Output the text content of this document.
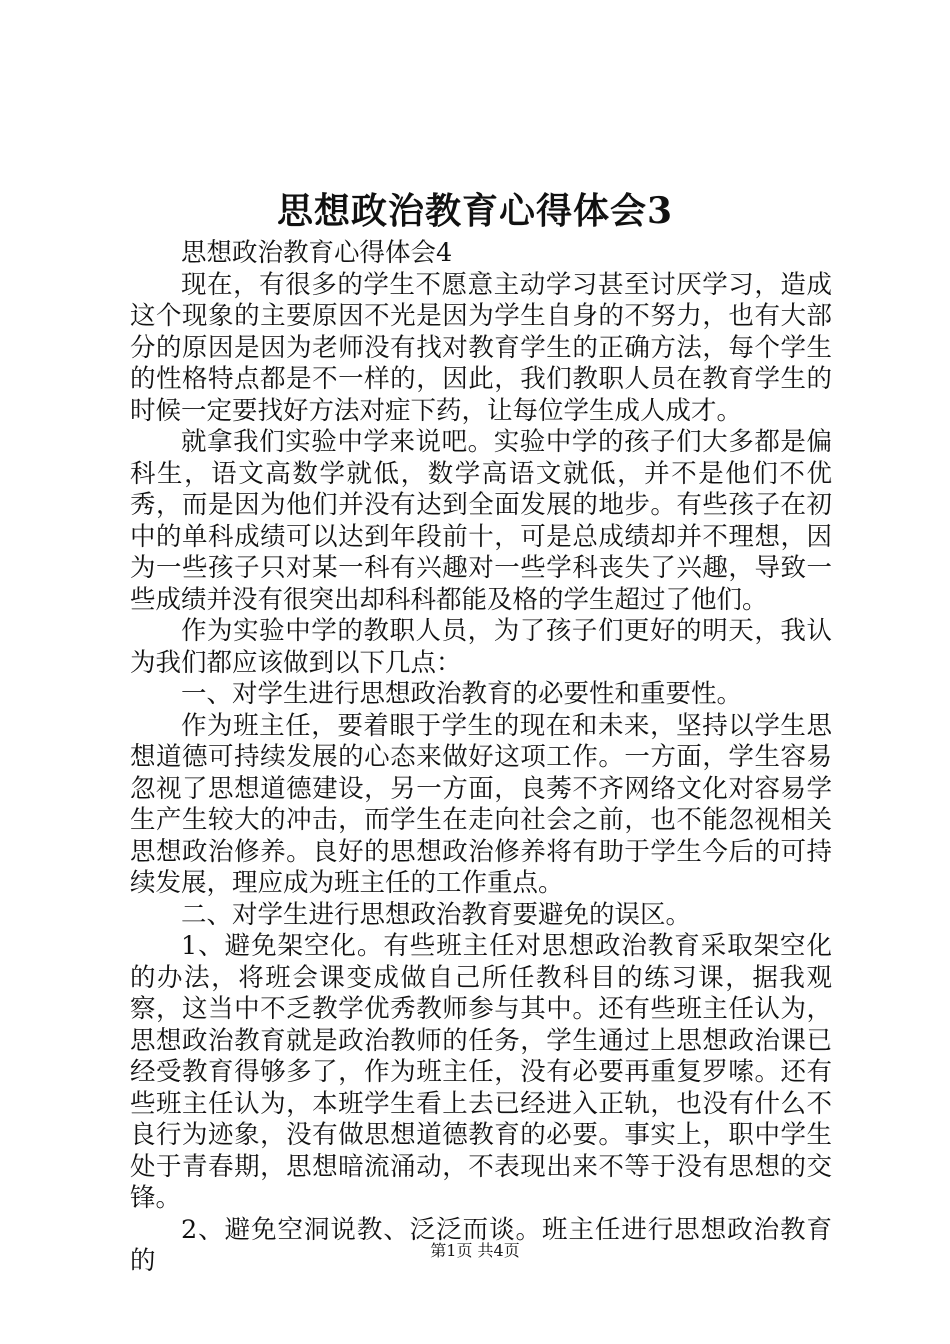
思想政治教育心得体会3

思想政治教育心得体会4

现在，有很多的学生不愿意主动学习甚至讨厌学习，造成这个现象的主要原因不光是因为学生自身的不努力，也有大部分的原因是因为老师没有找对教育学生的正确方法，每个学生的性格特点都是不一样的，因此，我们教职人员在教育学生的时候一定要找好方法对症下药，让每位学生成人成才。

就拿我们实验中学来说吧。实验中学的孩子们大多都是偏科生，语文高数学就低，数学高语文就低，并不是他们不优秀，而是因为他们并没有达到全面发展的地步。有些孩子在初中的单科成绩可以达到年段前十，可是总成绩却并不理想，因为一些孩子只对某一科有兴趣对一些学科丧失了兴趣，导致一些成绩并没有很突出却科科都能及格的学生超过了他们。

作为实验中学的教职人员，为了孩子们更好的明天，我认为我们都应该做到以下几点：

一、对学生进行思想政治教育的必要性和重要性。

作为班主任，要着眼于学生的现在和未来，坚持以学生思想道德可持续发展的心态来做好这项工作。一方面，学生容易忽视了思想道德建设，另一方面，良莠不齐网络文化对容易学生产生较大的冲击，而学生在走向社会之前，也不能忽视相关思想政治修养。良好的思想政治修养将有助于学生今后的可持续发展，理应成为班主任的工作重点。

二、对学生进行思想政治教育要避免的误区。

1、避免架空化。有些班主任对思想政治教育采取架空化的办法，将班会课变成做自己所任教科目的练习课，据我观察，这当中不乏教学优秀教师参与其中。还有些班主任认为，思想政治教育就是政治教师的任务，学生通过上思想政治课已经受教育得够多了，作为班主任，没有必要再重复罗嗦。还有些班主任认为，本班学生看上去已经进入正轨，也没有什么不良行为迹象，没有做思想道德教育的必要。事实上，职中学生处于青春期，思想暗流涌动，不表现出来不等于没有思想的交锋。

2、避免空洞说教、泛泛而谈。班主任进行思想政治教育的	第1页 共4页
